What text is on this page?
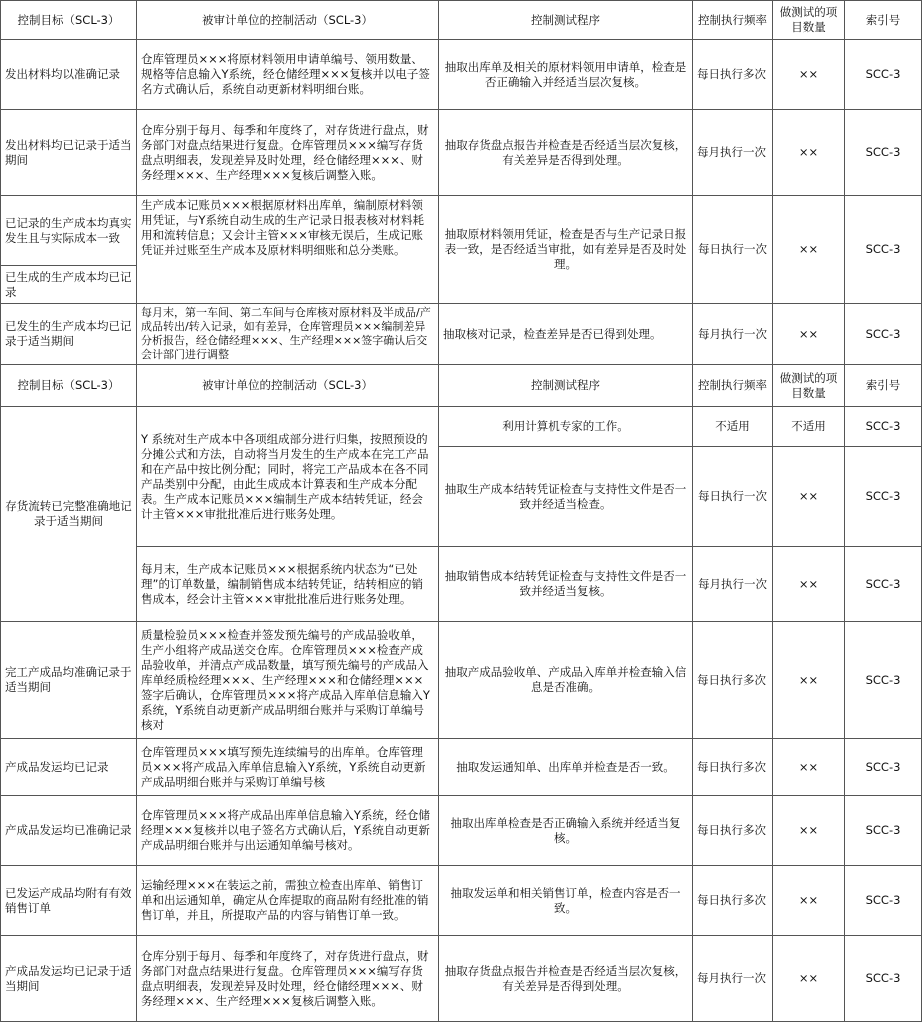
控制目标（SCL-3）	被审计单位的控制活动（SCL-3）	控制测试程序	控制执行频率	做测试的项目数量	索引号
发出材料均以准确记录	仓库管理员×××将原材料领用申请单编号、领用数量、规格等信息输入Y系统，经仓储经理×××复核并以电子签名方式确认后，系统自动更新材料明细台账。	抽取出库单及相关的原材料领用申请单，检查是否正确输入并经适当层次复核。	每日执行多次	××	SCC-3
发出材料均已记录于适当期间	仓库分别于每月、每季和年度终了，对存货进行盘点，财务部门对盘点结果进行复盘。仓库管理员×××编写存货盘点明细表，发现差异及时处理，经仓储经理×××、财务经理×××、生产经理×××复核后调整入账。	抽取存货盘点报告并检查是否经适当层次复核，有关差异是否得到处理。	每月执行一次	××	SCC-3
已记录的生产成本均真实发生且与实际成本一致	生产成本记账员×××根据原材料出库单，编制原材料领用凭证，与Y系统自动生成的生产记录日报表核对材料耗用和流转信息；又会计主管×××审核无误后，生成记账凭证并过账至生产成本及原材料明细账和总分类账。	抽取原材料领用凭证，检查是否与生产记录日报表一致，是否经适当审批，如有差异是否及时处理。	每日执行一次	××	SCC-3
已生成的生产成本均已记录					
已发生的生产成本均已记录于适当期间	每月末，第一车间、第二车间与仓库核对原材料及半成品/产成品转出/转入记录，如有差异，仓库管理员×××编制差异分析报告，经仓储经理×××、生产经理×××签字确认后交会计部门进行调整	抽取核对记录，检查差异是否已得到处理。	每月执行一次	××	SCC-3
控制目标（SCL-3）	被审计单位的控制活动（SCL-3）	控制测试程序	控制执行频率	做测试的项目数量	索引号
存货流转已完整准确地记录于适当期间	Y 系统对生产成本中各项组成部分进行归集，按照预设的分摊公式和方法，自动将当月发生的生产成本在完工产品和在产品中按比例分配；同时，将完工产品成本在各不同产品类别中分配，由此生成成本计算表和生产成本分配表。生产成本记账员×××编制生产成本结转凭证，经会计主管×××审批批准后进行账务处理。	利用计算机专家的工作。	不适用	不适用	SCC-3
		抽取生产成本结转凭证检查与支持性文件是否一致并经适当检查。	每日执行一次	××	SCC-3
	每月末，生产成本记账员×××根据系统内状态为“已处理”的订单数量，编制销售成本结转凭证，结转相应的销售成本，经会计主管×××审批批准后进行账务处理。	抽取销售成本结转凭证检查与支持性文件是否一致并经适当复核。	每月执行一次	××	SCC-3
完工产成品均准确记录于适当期间	质量检验员×××检查并签发预先编号的产成品验收单，生产小组将产成品送交仓库。仓库管理员×××检查产成品验收单，并清点产成品数量，填写预先编号的产成品入库单经质检经理×××、生产经理×××和仓储经理×××签字后确认，仓库管理员×××将产成品入库单信息输入Y系统，Y系统自动更新产成品明细台账并与采购订单编号核对	抽取产成品验收单、产成品入库单并检查输入信息是否准确。	每日执行多次	××	SCC-3
产成品发运均已记录	仓库管理员×××填写预先连续编号的出库单。仓库管理员×××将产成品入库单信息输入Y系统，Y系统自动更新产成品明细台账并与采购订单编号核	抽取发运通知单、出库单并检查是否一致。	每日执行多次	××	SCC-3
产成品发运均已准确记录	仓库管理员×××将产成品出库单信息输入Y系统，经仓储经理×××复核并以电子签名方式确认后，Y系统自动更新产成品明细台账并与出运通知单编号核对。	抽取出库单检查是否正确输入系统并经适当复核。	每日执行多次	××	SCC-3
已发运产成品均附有有效销售订单	运输经理×××在装运之前，需独立检查出库单、销售订单和出运通知单，确定从仓库提取的商品附有经批准的销售订单，并且，所提取产品的内容与销售订单一致。	抽取发运单和相关销售订单，检查内容是否一致。	每日执行多次	××	SCC-3
产成品发运均已记录于适当期间	仓库分别于每月、每季和年度终了，对存货进行盘点，财务部门对盘点结果进行复盘。仓库管理员×××编写存货盘点明细表，发现差异及时处理，经仓储经理×××、财务经理×××、生产经理×××复核后调整入账。	抽取存货盘点报告并检查是否经适当层次复核，有关差异是否得到处理。	每月执行一次	××	SCC-3
